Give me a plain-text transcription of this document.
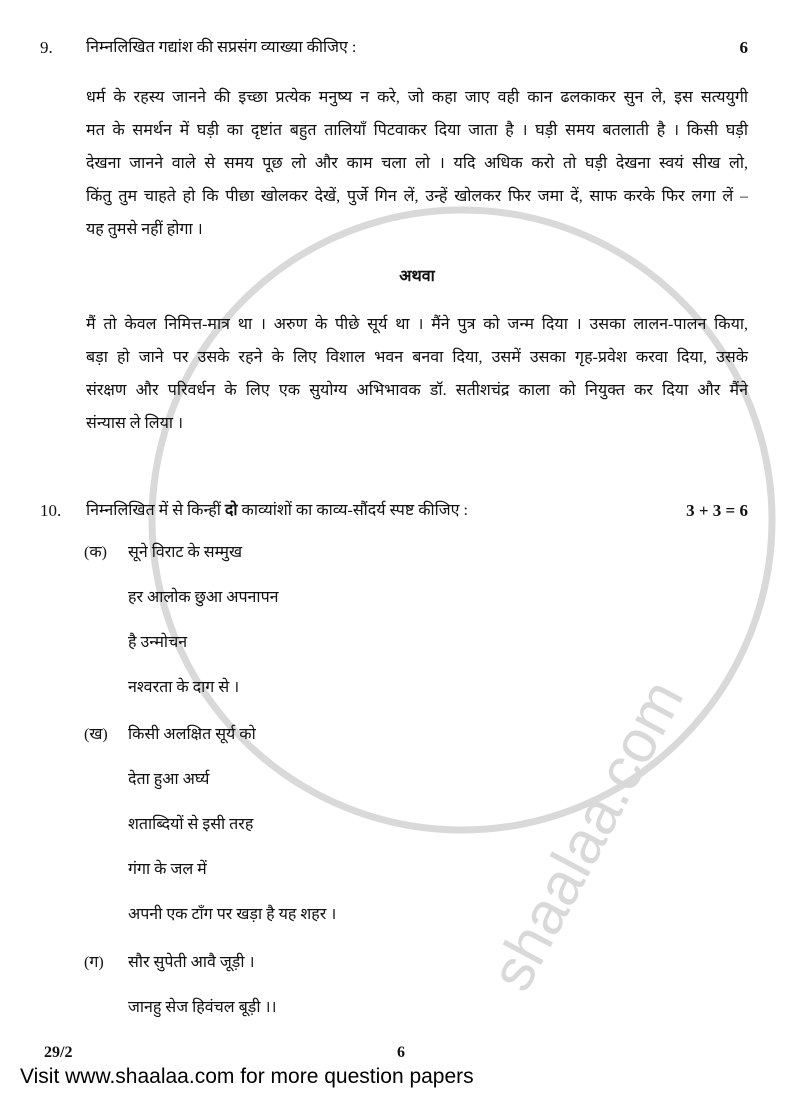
shaalaa.com
9.	निम्नलिखित गद्यांश की सप्रसंग व्याख्या कीजिए :	6
धर्म के रहस्य जानने की इच्छा प्रत्येक मनुष्य न करे, जो कहा जाए वही कान ढलकाकर सुन ले, इस सत्ययुगी
मत के समर्थन में घड़ी का दृष्टांत बहुत तालियाँ पिटवाकर दिया जाता है । घड़ी समय बतलाती है । किसी घड़ी
देखना जानने वाले से समय पूछ लो और काम चला लो । यदि अधिक करो तो घड़ी देखना स्वयं सीख लो,
किंतु तुम चाहते हो कि पीछा खोलकर देखें, पुर्जे गिन लें, उन्हें खोलकर फिर जमा दें, साफ करके फिर लगा लें –
यह तुमसे नहीं होगा ।
अथवा
मैं तो केवल निमित्त-मात्र था । अरुण के पीछे सूर्य था । मैंने पुत्र को जन्म दिया । उसका लालन-पालन किया,
बड़ा हो जाने पर उसके रहने के लिए विशाल भवन बनवा दिया, उसमें उसका गृह-प्रवेश करवा दिया, उसके
संरक्षण और परिवर्धन के लिए एक सुयोग्य अभिभावक डॉ. सतीशचंद्र काला को नियुक्त कर दिया और मैंने
संन्यास ले लिया ।
10.	निम्नलिखित में से किन्हीं दो काव्यांशों का काव्य-सौंदर्य स्पष्ट कीजिए :	3 + 3 = 6
(क)	सूने विराट के सम्मुख
हर आलोक छुआ अपनापन
है उन्मोचन
नश्वरता के दाग से ।
(ख)	किसी अलक्षित सूर्य को
देता हुआ अर्घ्य
शताब्दियों से इसी तरह
गंगा के जल में
अपनी एक टाँग पर खड़ा है यह शहर ।
(ग)	सौर सुपेती आवै जूड़ी ।
जानहु सेज हिवंचल बूड़ी ।।
29/2	6
Visit www.shaalaa.com for more question papers
